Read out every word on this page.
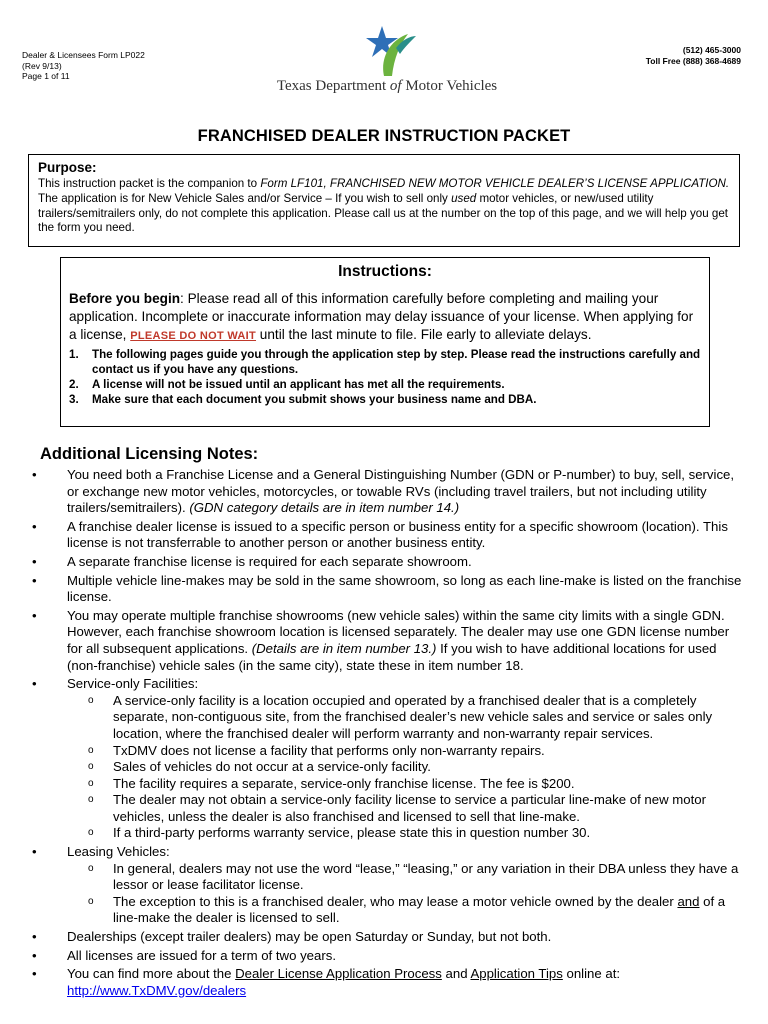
Dealer & Licensees Form LP022
(Rev 9/13)
Page 1 of 11
Texas Department of Motor Vehicles
(512) 465-3000
Toll Free (888) 368-4689
FRANCHISED DEALER INSTRUCTION PACKET
Purpose:
This instruction packet is the companion to Form LF101, FRANCHISED NEW MOTOR VEHICLE DEALER’S LICENSE APPLICATION. The application is for New Vehicle Sales and/or Service – If you wish to sell only used motor vehicles, or new/used utility trailers/semitrailers only, do not complete this application. Please call us at the number on the top of this page, and we will help you get the form you need.
Instructions:
Before you begin: Please read all of this information carefully before completing and mailing your application. Incomplete or inaccurate information may delay issuance of your license. When applying for a license, PLEASE DO NOT WAIT until the last minute to file. File early to alleviate delays.
1. The following pages guide you through the application step by step. Please read the instructions carefully and contact us if you have any questions.
2. A license will not be issued until an applicant has met all the requirements.
3. Make sure that each document you submit shows your business name and DBA.
Additional Licensing Notes:
• You need both a Franchise License and a General Distinguishing Number (GDN or P-number) to buy, sell, service, or exchange new motor vehicles, motorcycles, or towable RVs (including travel trailers, but not including utility trailers/semitrailers). (GDN category details are in item number 14.)
• A franchise dealer license is issued to a specific person or business entity for a specific showroom (location). This license is not transferrable to another person or another business entity.
• A separate franchise license is required for each separate showroom.
• Multiple vehicle line-makes may be sold in the same showroom, so long as each line-make is listed on the franchise license.
• You may operate multiple franchise showrooms (new vehicle sales) within the same city limits with a single GDN. However, each franchise showroom location is licensed separately. The dealer may use one GDN license number for all subsequent applications. (Details are in item number 13.) If you wish to have additional locations for used (non-franchise) vehicle sales (in the same city), state these in item number 18.
• Service-only Facilities:
o A service-only facility is a location occupied and operated by a franchised dealer that is a completely separate, non-contiguous site, from the franchised dealer’s new vehicle sales and service or sales only location, where the franchised dealer will perform warranty and non-warranty repair services.
o TxDMV does not license a facility that performs only non-warranty repairs.
o Sales of vehicles do not occur at a service-only facility.
o The facility requires a separate, service-only franchise license. The fee is $200.
o The dealer may not obtain a service-only facility license to service a particular line-make of new motor vehicles, unless the dealer is also franchised and licensed to sell that line-make.
o If a third-party performs warranty service, please state this in question number 30.
• Leasing Vehicles:
o In general, dealers may not use the word “lease,” “leasing,” or any variation in their DBA unless they have a lessor or lease facilitator license.
o The exception to this is a franchised dealer, who may lease a motor vehicle owned by the dealer and of a line-make the dealer is licensed to sell.
• Dealerships (except trailer dealers) may be open Saturday or Sunday, but not both.
• All licenses are issued for a term of two years.
• You can find more about the Dealer License Application Process and Application Tips online at:
http://www.TxDMV.gov/dealers
